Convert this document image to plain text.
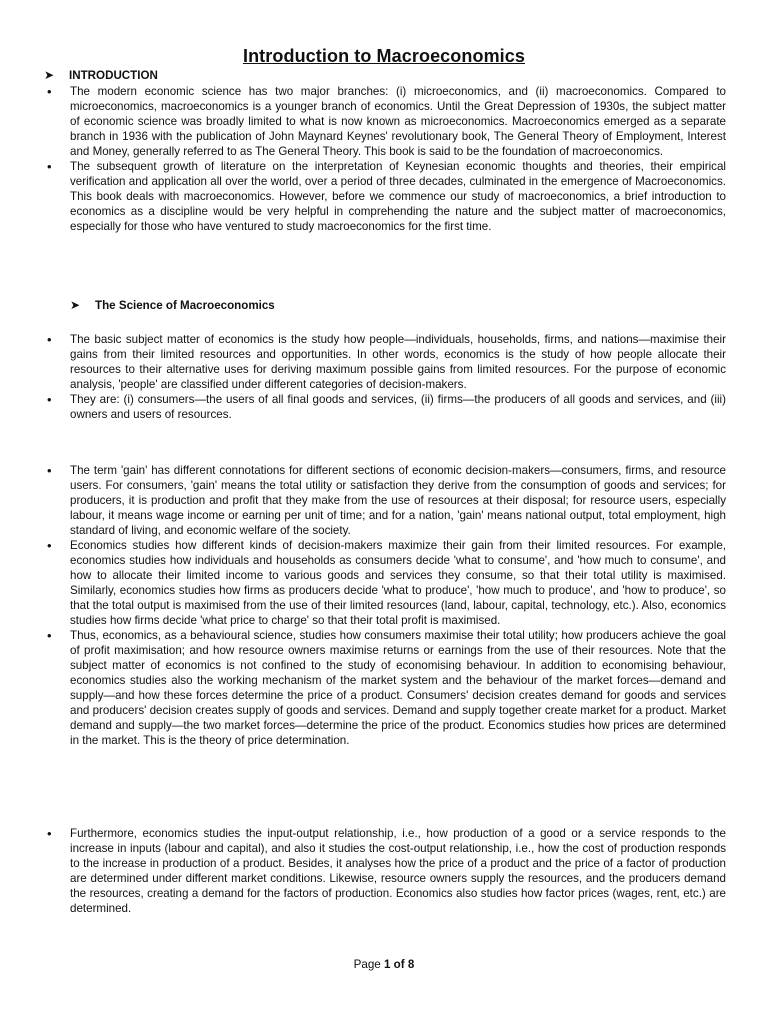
Introduction to Macroeconomics
➤	INTRODUCTION
• The modern economic science has two major branches: (i) microeconomics, and (ii) macroeconomics. Compared to microeconomics, macroeconomics is a younger branch of economics. Until the Great Depression of 1930s, the subject matter of economic science was broadly limited to what is now known as microeconomics. Macroeconomics emerged as a separate branch in 1936 with the publication of John Maynard Keynes' revolutionary book, The General Theory of Employment, Interest and Money, generally referred to as The General Theory. This book is said to be the foundation of macroeconomics.
• The subsequent growth of literature on the interpretation of Keynesian economic thoughts and theories, their empirical verification and application all over the world, over a period of three decades, culminated in the emergence of Macroeconomics. This book deals with macroeconomics. However, before we commence our study of macroeconomics, a brief introduction to economics as a discipline would be very helpful in comprehending the nature and the subject matter of macroeconomics, especially for those who have ventured to study macroeconomics for the first time.
➤	The Science of Macroeconomics
• The basic subject matter of economics is the study how people—individuals, households, firms, and nations—maximise their gains from their limited resources and opportunities. In other words, economics is the study of how people allocate their resources to their alternative uses for deriving maximum possible gains from limited resources. For the purpose of economic analysis, 'people' are classified under different categories of decision-makers.
• They are: (i) consumers—the users of all final goods and services, (ii) firms—the producers of all goods and services, and (iii) owners and users of resources.
• The term 'gain' has different connotations for different sections of economic decision-makers—consumers, firms, and resource users. For consumers, 'gain' means the total utility or satisfaction they derive from the consumption of goods and services; for producers, it is production and profit that they make from the use of resources at their disposal; for resource users, especially labour, it means wage income or earning per unit of time; and for a nation, 'gain' means national output, total employment, high standard of living, and economic welfare of the society.
• Economics studies how different kinds of decision-makers maximize their gain from their limited resources. For example, economics studies how individuals and households as consumers decide 'what to consume', and 'how much to consume', and how to allocate their limited income to various goods and services they consume, so that their total utility is maximised. Similarly, economics studies how firms as producers decide 'what to produce', 'how much to produce', and 'how to produce', so that the total output is maximised from the use of their limited resources (land, labour, capital, technology, etc.). Also, economics studies how firms decide 'what price to charge' so that their total profit is maximised.
• Thus, economics, as a behavioural science, studies how consumers maximise their total utility; how producers achieve the goal of profit maximisation; and how resource owners maximise returns or earnings from the use of their resources. Note that the subject matter of economics is not confined to the study of economising behaviour. In addition to economising behaviour, economics studies also the working mechanism of the market system and the behaviour of the market forces—demand and supply—and how these forces determine the price of a product. Consumers' decision creates demand for goods and services and producers' decision creates supply of goods and services. Demand and supply together create market for a product. Market demand and supply—the two market forces—determine the price of the product. Economics studies how prices are determined in the market. This is the theory of price determination.
• Furthermore, economics studies the input-output relationship, i.e., how production of a good or a service responds to the increase in inputs (labour and capital), and also it studies the cost-output relationship, i.e., how the cost of production responds to the increase in production of a product. Besides, it analyses how the price of a product and the price of a factor of production are determined under different market conditions. Likewise, resource owners supply the resources, and the producers demand the resources, creating a demand for the factors of production. Economics also studies how factor prices (wages, rent, etc.) are determined.
Page 1 of 8
